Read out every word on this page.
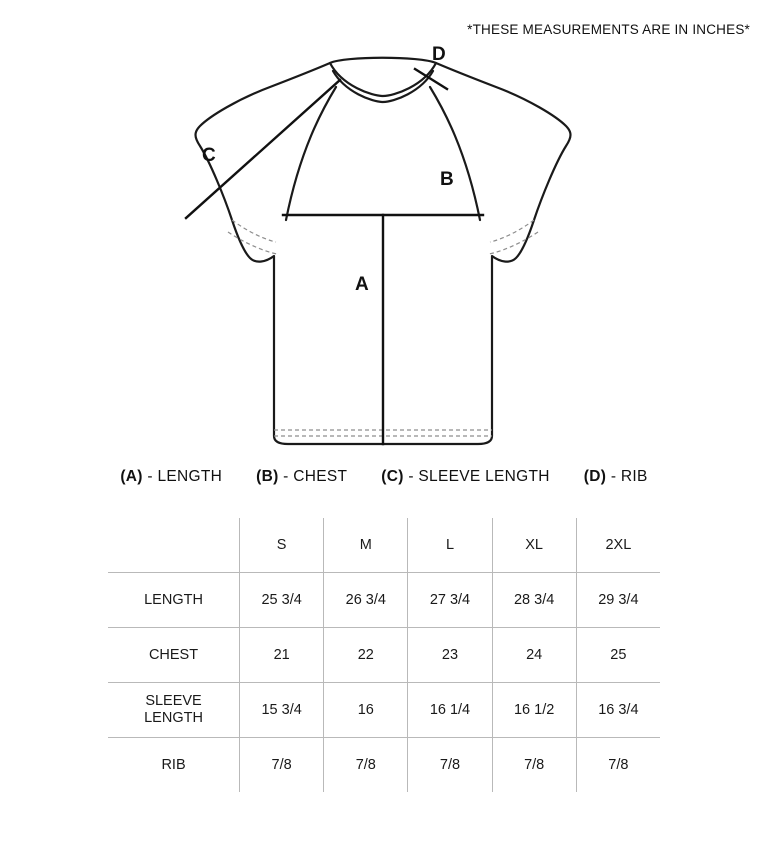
*THESE MEASUREMENTS ARE IN INCHES*
A
B
C
D
(A) - LENGTH (B) - CHEST (C) - SLEEVE LENGTH (D) - RIB
	S	M	L	XL	2XL
LENGTH	25 3/4	26 3/4	27 3/4	28 3/4	29 3/4
CHEST	21	22	23	24	25

SLEEVE
LENGTH	15 3/4	16	16 1/4	16 1/2	16 3/4
RIB	7/8	7/8	7/8	7/8	7/8
